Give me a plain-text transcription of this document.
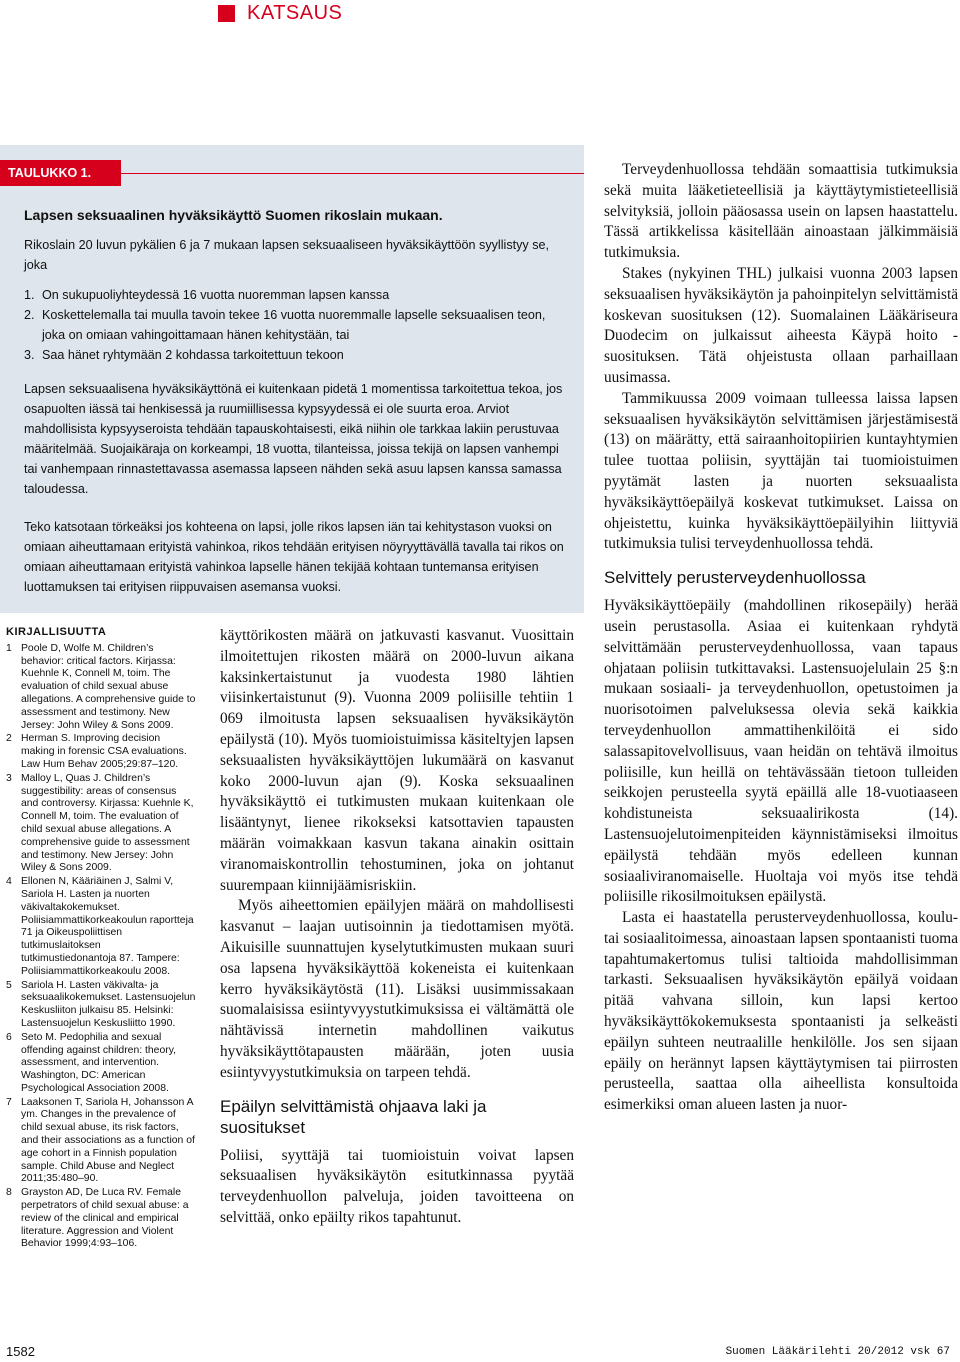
KATSAUS
TAULUKKO 1.
Lapsen seksuaalinen hyväksikäyttö Suomen rikoslain mukaan.

Rikoslain 20 luvun pykälien 6 ja 7 mukaan lapsen seksuaaliseen hyväksikäyttöön syyllistyy se, joka

1. On sukupuoliyhteydessä 16 vuotta nuoremman lapsen kanssa
2. Koskettelemalla tai muulla tavoin tekee 16 vuotta nuoremmalle lapselle seksuaalisen teon, joka on omiaan vahingoittamaan hänen kehitystään, tai
3. Saa hänet ryhtymään 2 kohdassa tarkoitettuun tekoon

Lapsen seksuaalisena hyväksikäyttönä ei kuitenkaan pidetä 1 momentissa tarkoitettua tekoa, jos osapuolten iässä tai henkisessä ja ruumiillisessa kypsyydessä ei ole suurta eroa. Arviot mahdollisista kypsyyseroista tehdään tapauskohtaisesti, eikä niihin ole tarkkaa lakiin perustuvaa määritelmää. Suojaikäraja on korkeampi, 18 vuotta, tilanteissa, joissa tekijä on lapsen vanhempi tai vanhempaan rinnastettavassa asemassa lapseen nähden sekä asuu lapsen kanssa samassa taloudessa.

Teko katsotaan törkeäksi jos kohteena on lapsi, jolle rikos lapsen iän tai kehitystason vuoksi on omiaan aiheuttamaan erityistä vahinkoa, rikos tehdään erityisen nöyryyttävällä tavalla tai rikos on omiaan aiheuttamaan erityistä vahinkoa lapselle hänen tekijää kohtaan tuntemansa erityisen luottamuksen tai erityisen riippuvaisen asemansa vuoksi.

KIRJALLISUUTTA
1 Poole D, Wolfe M. Children’s behavior: critical factors. Kirjassa: Kuehnle K, Connell M, toim. The evaluation of child sexual abuse allegations. A comprehensive guide to assessment and testimony. New Jersey: John Wiley & Sons 2009.
2 Herman S. Improving decision making in forensic CSA evaluations. Law Hum Behav 2005;29:87–120.
3 Malloy L, Quas J. Children’s suggestibility: areas of consensus and controversy. Kirjassa: Kuehnle K, Connell M, toim. The evaluation of child sexual abuse allegations. A comprehensive guide to assessment and testimony. New Jersey: John Wiley & Sons 2009.
4 Ellonen N, Kääriäinen J, Salmi V, Sariola H. Lasten ja nuorten väkivaltakokemukset. Poliisiammattikorkeakoulun raportteja 71 ja Oikeuspoliittisen tutkimuslaitoksen tutkimustiedonantoja 87. Tampere: Poliisiammattikorkeakoulu 2008.
5 Sariola H. Lasten väkivalta- ja seksuaalikokemukset. Lastensuojelun Keskusliiton julkaisu 85. Helsinki: Lastensuojelun Keskusliitto 1990.
6 Seto M. Pedophilia and sexual offending against children: theory, assessment, and intervention. Washington, DC: American Psychological Association 2008.
7 Laaksonen T, Sariola H, Johansson A ym. Changes in the prevalence of child sexual abuse, its risk factors, and their associations as a function of age cohort in a Finnish population sample. Child Abuse and Neglect 2011;35:480–90.
8 Grayston AD, De Luca RV. Female perpetrators of child sexual abuse: a review of the clinical and empirical literature. Aggression and Violent Behavior 1999;4:93–106.

käyttörikosten määrä on jatkuvasti kasvanut. Vuosittain ilmoitettujen rikosten määrä on 2000-luvun aikana kaksinkertaistunut ja vuodesta 1980 lähtien viisinkertaistunut (9). Vuonna 2009 poliisille tehtiin 1 069 ilmoitusta lapsen seksuaalisen hyväksikäytön epäilystä (10). Myös tuomioistuimissa käsiteltyjen lapsen seksuaalisten hyväksikäyttöjen lukumäärä on kasvanut koko 2000-luvun ajan (9). Koska seksuaalinen hyväksikäyttö ei tutkimusten mukaan kuitenkaan ole lisääntynyt, lienee rikokseksi katsottavien tapausten määrän voimakkaan kasvun takana ainakin osittain viranomaiskontrollin tehostuminen, joka on johtanut suurempaan kiinnijäämisriskiin.

Myös aiheettomien epäilyjen määrä on mahdollisesti kasvanut – laajan uutisoinnin ja tiedottamisen myötä. Aikuisille suunnattujen kyselytutkimusten mukaan suuri osa lapsena hyväksikäyttöä kokeneista ei kuitenkaan kerro hyväksikäytöstä (11). Lisäksi uusimmissakaan suomalaisissa esiintyvyystutkimuksissa ei vältämättä ole nähtävissä internetin mahdollinen vaikutus hyväksikäyttötapausten määrään, joten uusia esiintyvyystutkimuksia on tarpeen tehdä.

Epäilyn selvittämistä ohjaava laki ja suositukset

Poliisi, syyttäjä tai tuomioistuin voivat lapsen seksuaalisen hyväksikäytön esitutkinnassa pyytää terveydenhuollon palveluja, joiden tavoitteena on selvittää, onko epäilty rikos tapahtunut.

Terveydenhuollossa tehdään somaattisia tutkimuksia sekä muita lääketieteellisiä ja käyttäytymistieteellisiä selvityksiä, jolloin pääosassa usein on lapsen haastattelu. Tässä artikkelissa käsitellään ainoastaan jälkimmäisiä tutkimuksia.

Stakes (nykyinen THL) julkaisi vuonna 2003 lapsen seksuaalisen hyväksikäytön ja pahoinpitelyn selvittämistä koskevan suosituksen (12). Suomalainen Lääkäriseura Duodecim on julkaissut aiheesta Käypä hoito -suosituksen. Tätä ohjeistusta ollaan parhaillaan uusimassa.

Tammikuussa 2009 voimaan tulleessa laissa lapsen seksuaalisen hyväksikäytön selvittämisen järjestämisestä (13) on määrätty, että sairaanhoitopiirien kuntayhtymien tulee tuottaa poliisin, syyttäjän tai tuomioistuimen pyytämät lasten ja nuorten seksuaalista hyväksikäyttöepäilyä koskevat tutkimukset. Laissa on ohjeistettu, kuinka hyväksikäyttöepäilyihin liittyviä tutkimuksia tulisi terveydenhuollossa tehdä.

Selvittely perusterveydenhuollossa

Hyväksikäyttöepäily (mahdollinen rikosepäily) herää usein perustasolla. Asiaa ei kuitenkaan ryhdytä selvittämään perusterveydenhuollossa, vaan tapaus ohjataan poliisin tutkittavaksi. Lastensuojelulain 25 §:n mukaan sosiaali- ja terveydenhuollon, opetustoimen ja nuorisotoimen palveluksessa olevia sekä kaikkia terveydenhuollon ammattihenkilöitä ei sido salassapitovelvollisuus, vaan heidän on tehtävä ilmoitus poliisille, kun heillä on tehtävässään tietoon tulleiden seikkojen perusteella syytä epäillä alle 18-vuotiaaseen kohdistuneista seksuaalirikosta (14). Lastensuojelutoimenpiteiden käynnistämiseksi ilmoitus epäilystä tehdään myös edelleen kunnan sosiaaliviranomaiselle. Huoltaja voi myös itse tehdä poliisille rikosilmoituksen epäilystä.

Lasta ei haastatella perusterveydenhuollossa, koulu- tai sosiaalitoimessa, ainoastaan lapsen spontaanisti tuoma tapahtumakertomus tulisi taltioida mahdollisimman tarkasti. Seksuaalisen hyväksikäytön epäilyä voidaan pitää vahvana silloin, kun lapsi kertoo hyväksikäyttökokemuksesta spontaanisti ja selkeästi epäilyn suhteen neutraalille henkilölle. Jos sen sijaan epäily on herännyt lapsen käyttäytymisen tai piirrosten perusteella, saattaa olla aiheellista konsultoida esimerkiksi oman alueen lasten ja nuor-

1582	Suomen Lääkärilehti 20/2012 vsk 67
